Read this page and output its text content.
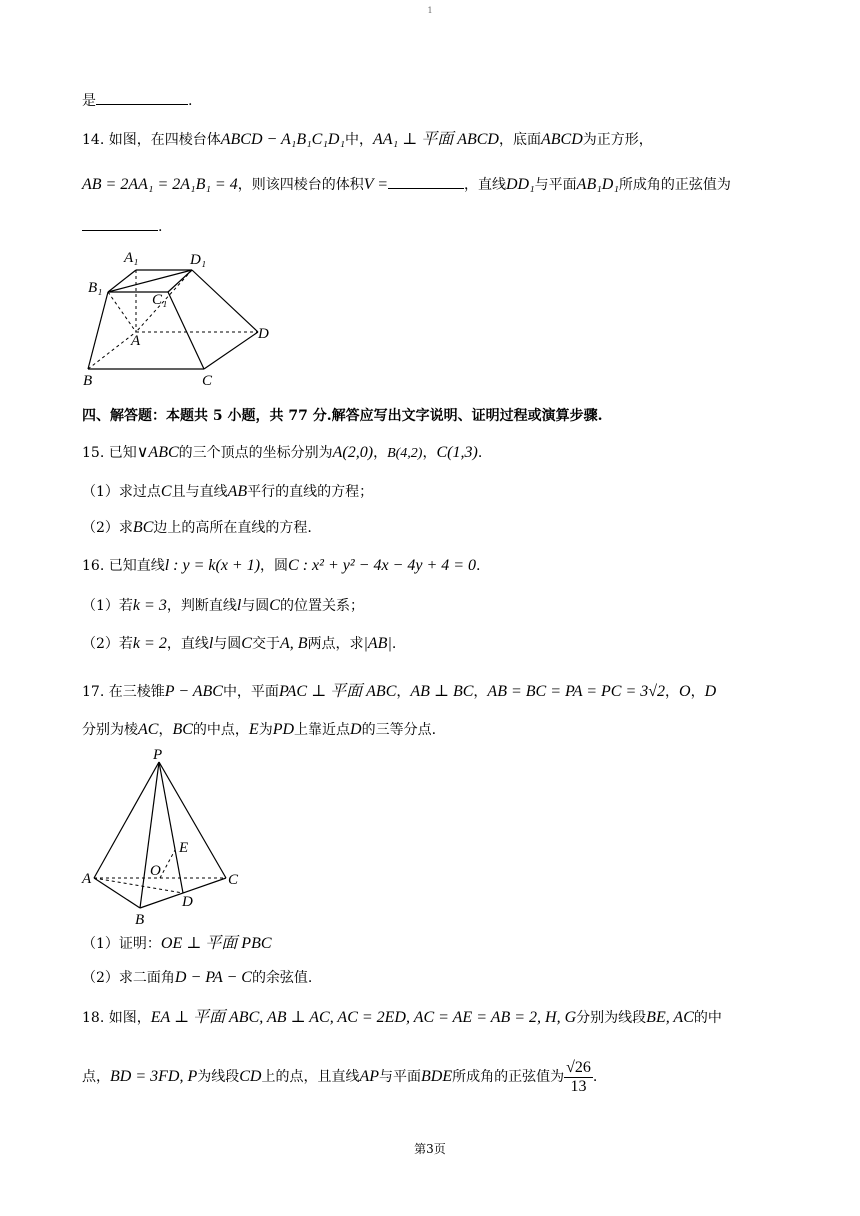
1
是	.
14. 如图，在四棱台体ABCD − A₁B₁C₁D₁中，AA₁ ⊥ 平面 ABCD，底面ABCD为正方形，
AB = 2AA₁ = 2A₁B₁ = 4，则该四棱台的体积V =	，直线DD₁与平面AB₁D₁所成角的正弦值为
.
A₁	D₁
B₁
C₁
A	D
B	C
四、解答题：本题共 5 小题，共 77 分.解答应写出文字说明、证明过程或演算步骤.
15. 已知∨ABC的三个顶点的坐标分别为A(2,0)，B(4,2)，C(1,3).
（1）求过点C且与直线AB平行的直线的方程；
（2）求BC边上的高所在直线的方程.
16. 已知直线l : y = k(x + 1)，圆C : x² + y² − 4x − 4y + 4 = 0.
（1）若k = 3，判断直线l与圆C的位置关系；
（2）若k = 2，直线l与圆C交于A, B两点，求|AB|.
17. 在三棱锥P − ABC中，平面PAC ⊥ 平面 ABC，AB ⊥ BC，AB = BC = PA = PC = 3√2，O，D
分别为棱AC，BC的中点，E为PD上靠近点D的三等分点.
P
E
O
A	C
D
B
（1）证明：OE ⊥ 平面 PBC
（2）求二面角D − PA − C的余弦值.
18. 如图，EA ⊥ 平面 ABC, AB ⊥ AC, AC = 2ED, AC = AE = AB = 2, H, G分别为线段BE, AC的中
点，BD = 3FD, P为线段CD上的点，且直线AP与平面BDE所成角的正弦值为 $\frac{√26}{13}$ .
第3页
